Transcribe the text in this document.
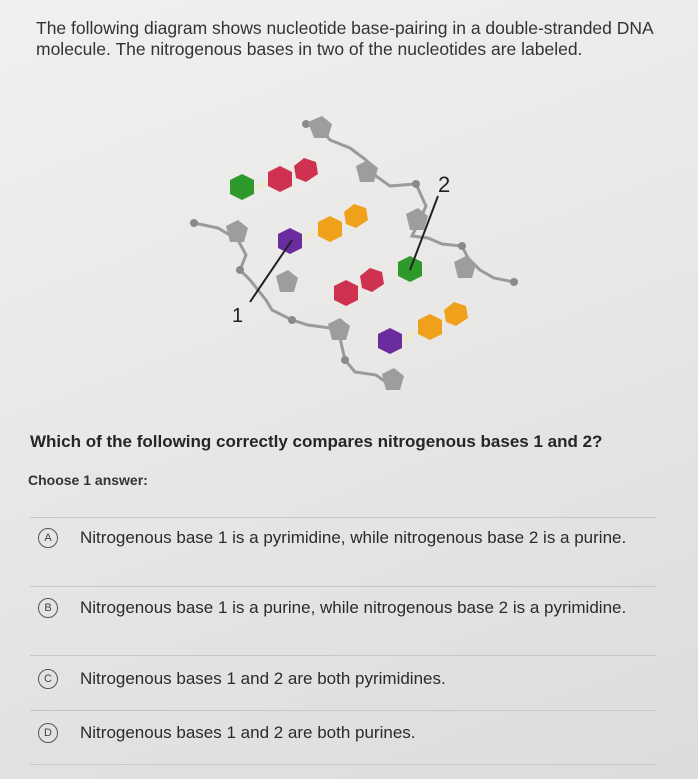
The following diagram shows nucleotide base-pairing in a double-stranded DNA molecule. The nitrogenous bases in two of the nucleotides are labeled.
1
2
Which of the following correctly compares nitrogenous bases 1 and 2?
Choose 1 answer:
A	Nitrogenous base 1 is a pyrimidine, while nitrogenous base 2 is a purine.
B	Nitrogenous base 1 is a purine, while nitrogenous base 2 is a pyrimidine.
C	Nitrogenous bases 1 and 2 are both pyrimidines.
D	Nitrogenous bases 1 and 2 are both purines.
